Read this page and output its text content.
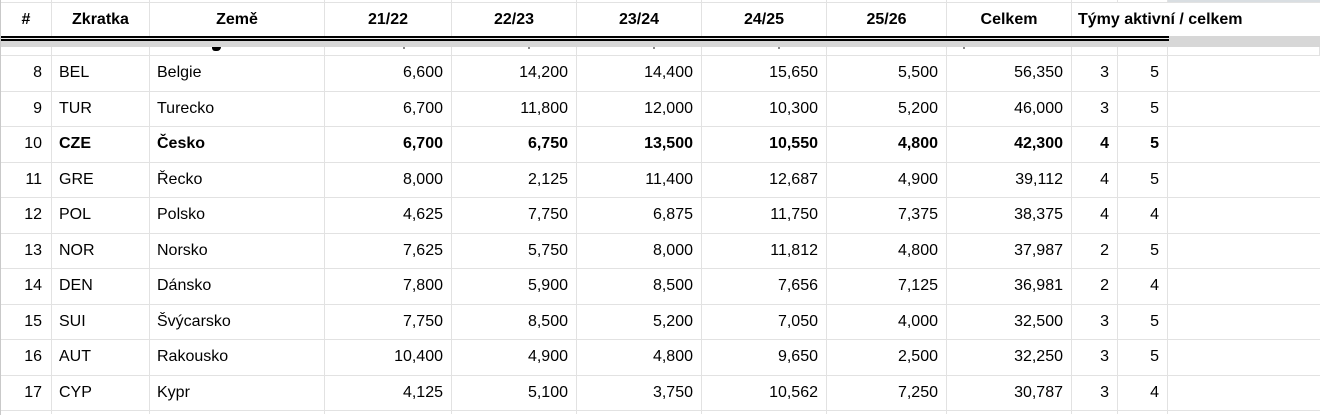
#	Zkratka	Země	21/22	22/23	23/24	24/25	25/26	Celkem	Týmy aktivní / celkem
8	BEL	Belgie	6,600	14,200	14,400	15,650	5,500	56,350	3	5
9	TUR	Turecko	6,700	11,800	12,000	10,300	5,200	46,000	3	5
10	CZE	Česko	6,700	6,750	13,500	10,550	4,800	42,300	4	5
11	GRE	Řecko	8,000	2,125	11,400	12,687	4,900	39,112	4	5
12	POL	Polsko	4,625	7,750	6,875	11,750	7,375	38,375	4	4
13	NOR	Norsko	7,625	5,750	8,000	11,812	4,800	37,987	2	5
14	DEN	Dánsko	7,800	5,900	8,500	7,656	7,125	36,981	2	4
15	SUI	Švýcarsko	7,750	8,500	5,200	7,050	4,000	32,500	3	5
16	AUT	Rakousko	10,400	4,900	4,800	9,650	2,500	32,250	3	5
17	CYP	Kypr	4,125	5,100	3,750	10,562	7,250	30,787	3	4
